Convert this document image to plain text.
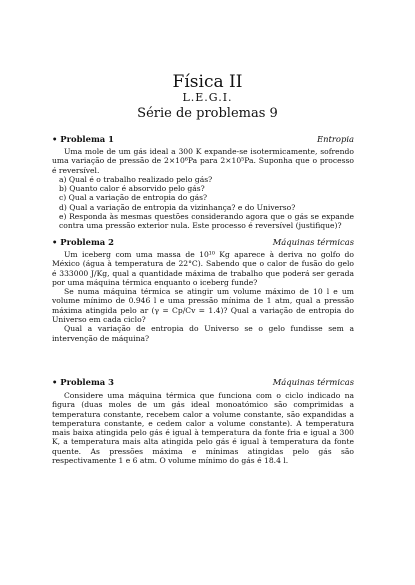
Física II
L.E.G.I.
Série de problemas 9
• Problema 1	Entropia

Uma mole de um gás ideal a 300 K expande-se isotermicamente, sofrendo uma variação de pressão de 2×10⁶Pa para 2×10⁵Pa. Suponha que o processo é reversível.

a) Qual é o trabalho realizado pelo gás?

b) Quanto calor é absorvido pelo gás?

c) Qual a variação de entropia do gás?

d) Qual a variação de entropia da vizinhança? e do Universo?

e) Responda às mesmas questões considerando agora que o gás se expande contra uma pressão exterior nula. Este processo é reversível (justifique)?

• Problema 2	Máquinas térmicas

Um iceberg com uma massa de 10¹⁰ Kg aparece à deriva no golfo do México (água à temperatura de 22°C). Sabendo que o calor de fusão do gelo é 333000 J/Kg, qual a quantidade máxima de trabalho que poderá ser gerada por uma máquina térmica enquanto o iceberg funde?

Se numa máquina térmica se atingir um volume máximo de 10 l e um volume mínimo de 0.946 l e uma pressão mínima de 1 atm, qual a pressão máxima atingida pelo ar (γ = Cp/Cv = 1.4)? Qual a variação de entropia do Universo em cada ciclo?

Qual a variação de entropia do Universo se o gelo fundisse sem a intervenção de máquina?

• Problema 3	Máquinas térmicas

Considere uma máquina térmica que funciona com o ciclo indicado na figura (duas moles de um gás ideal monoatómico são comprimidas a temperatura constante, recebem calor a volume constante, são expandidas a temperatura constante, e cedem calor a volume constante). A temperatura mais baixa atingida pelo gás é igual à temperatura da fonte fria e igual a 300 K, a temperatura mais alta atingida pelo gás é igual à temperatura da fonte quente. As pressões máxima e mínimas atingidas pelo gás são respectivamente 1 e 6 atm. O volume mínimo do gás é 18.4 l.
